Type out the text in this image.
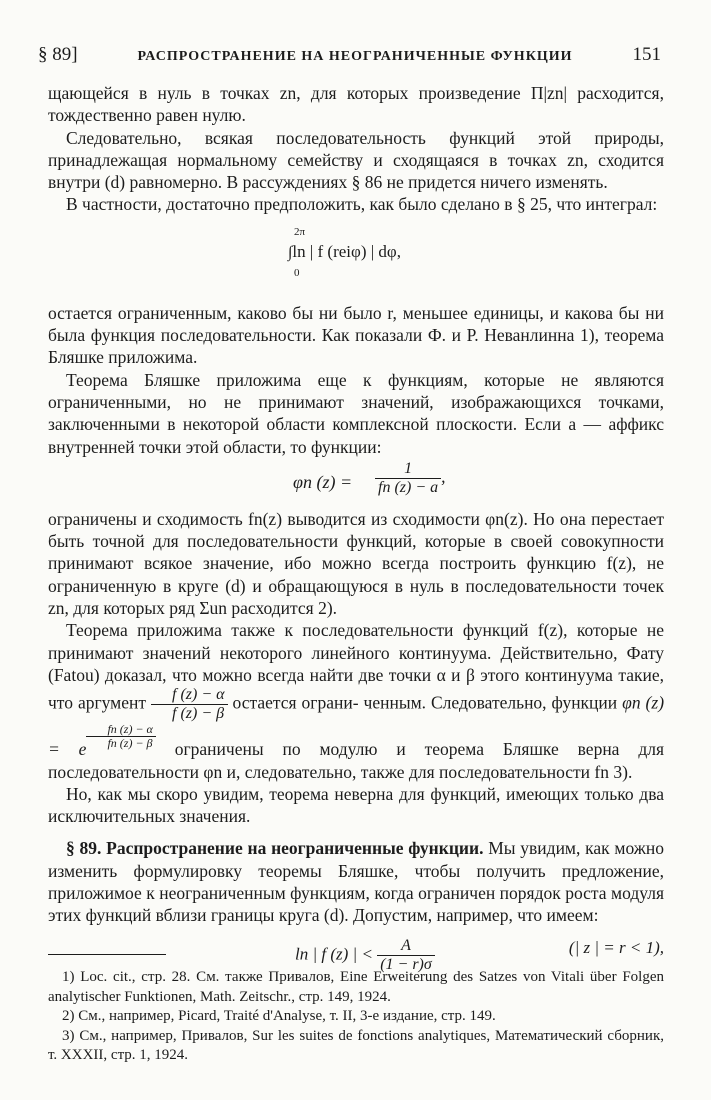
§ 89]	РАСПРОСТРАНЕНИЕ НА НЕОГРАНИЧЕННЫЕ ФУНКЦИИ	151

щающейся в нуль в точках zn, для которых произведение Π|zn| расходится, тождественно равен нулю.

Следовательно, всякая последовательность функций этой природы, принадлежащая нормальному семейству и сходящаяся в точках zn, сходится внутри (d) равномерно. В рассуждениях § 86 не придется ничего изменять.

В частности, достаточно предположить, как было сделано в § 25, что интеграл:

2π
∫ln | f (reiφ) | dφ,
0

остается ограниченным, каково бы ни было r, меньшее единицы, и какова бы ни была функция последовательности. Как показали Ф. и Р. Неванлинна 1), теорема Бляшке приложима.

Теорема Бляшке приложима еще к функциям, которые не являются ограниченными, но не принимают значений, изображающихся точками, заключенными в некоторой области комплексной плоскости. Если a — аффикс внутренней точки этой области, то функции:

φn $(z) = \frac{1}{fn (z) - a}$ ,

ограничены и сходимость fn(z) выводится из сходимости φn(z). Но она перестает быть точной для последовательности функций, которые в своей совокупности принимают всякое значение, ибо можно всегда построить функцию f(z), не ограниченную в круге (d) и обращающуюся в нуль в последовательности точек zn, для которых ряд Σun расходится 2).

Теорема приложима также к последовательности функций f(z), которые не принимают значений некоторого линейного континуума. Действительно, Фату (Fatou) доказал, что можно всегда найти две точки α и β этого континуума такие, что аргумент $\frac{f (z) - \alpha}{f (z) - \beta}$ остается ограни- ченным. Следовательно, функции φn (z) = e $\frac{fn (z) - \alpha}{fn (z) - \beta}$ ограничены по модулю и теорема Бляшке верна для последовательности φn и, следовательно, также для последовательности fn 3).

Но, как мы скоро увидим, теорема неверна для функций, имеющих только два исключительных значения.

§ 89. Распространение на неограниченные функции. Мы увидим, как можно изменить формулировку теоремы Бляшке, чтобы получить предложение, приложимое к неограниченным функциям, когда ограничен порядок роста модуля этих функций вблизи границы круга (d). Допустим, например, что имеем:

ln | f (z) | < $\frac{A}{(1 - r)\sigma}$	(| z | = r < 1),

1) Loc. cit., стр. 28. См. также Привалов, Eine Erweiterung des Satzes von Vitali über Folgen analytischer Funktionen, Math. Zeitschr., стр. 149, 1924.

2) См., например, Picard, Traité d'Analyse, т. II, 3-е издание, стр. 149.

3) См., например, Привалов, Sur les suites de fonctions analytiques, Математический сборник, т. XXXII, стр. 1, 1924.
